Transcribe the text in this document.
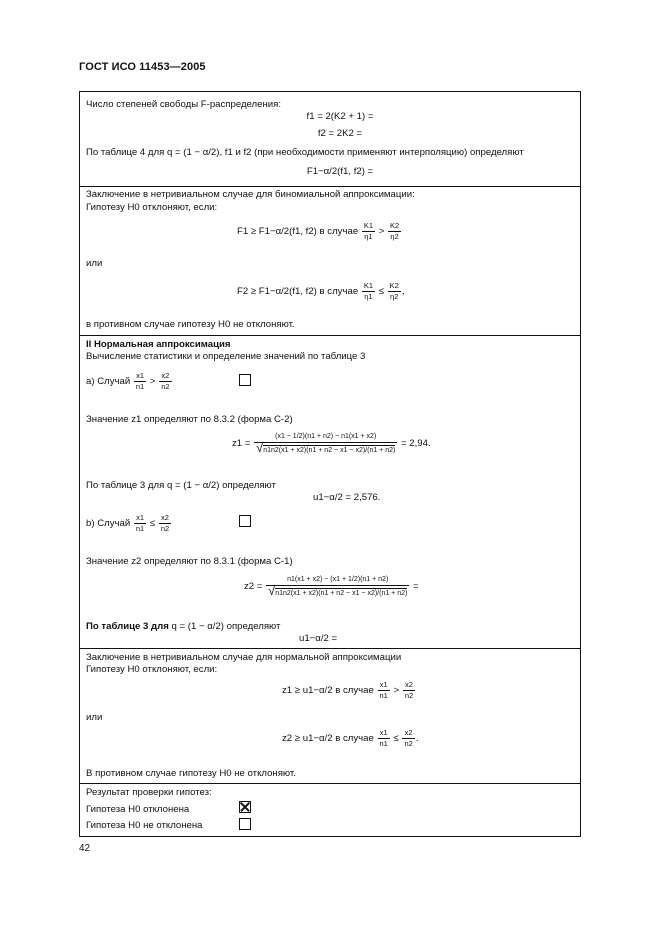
ГОСТ ИСО 11453—2005
Число степеней свободы F-распределения:
f1 = 2(K2 + 1) =
f2 = 2K2 =
По таблице 4 для q = (1 − α/2), f1 и f2 (при необходимости применяют интерполяцию) определяют
F1−α/2(f1, f2) =
Заключение в нетривиальном случае для биномиальной аппроксимации:
Гипотезу H0 отклоняют, если:
F1 ≥ F1−α/2(f1, f2) в случае $\frac{K1}{\eta 1} > \frac{K2}{\eta 2}$
или
F2 ≥ F1−α/2(f1, f2) в случае $\frac{K1}{\eta 1} \le \frac{K2}{\eta 2}$ ,
в противном случае гипотезу H0 не отклоняют.
II Нормальная аппроксимация
Вычисление статистики и определение значений по таблице 3
a) Случай $\frac{x1}{n1} > \frac{x2}{n2}$
Значение z1 определяют по 8.3.2 (форма С-2)
$z1 = \frac{(x1 - 1/2)(n1 + n2) - n1(x1 + x2)}{√n1n2(x1 + x2)(n1 + n2 - x1 - x2)/(n1 + n2)} = 2,94$.
По таблице 3 для q = (1 − α/2) определяют
u1−α/2 = 2,576.
b) Случай $\frac{x1}{n1} \le \frac{x2}{n2}$
Значение z2 определяют по 8.3.1 (форма С-1)
$z2 = \frac{n1(x1 + x2) - (x1 + 1/2)(n1 + n2)}{√n1n2(x1 + x2)(n1 + n2 - x1 - x2)/(n1 + n2)}$ =
По таблице 3 для q = (1 − α/2) определяют
u1−α/2 =
Заключение в нетривиальном случае для нормальной аппроксимации
Гипотезу H0 отклоняют, если:
z1 ≥ u1−α/2 в случае $\frac{x1}{n1} > \frac{x2}{n2}$
или
z2 ≥ u1−α/2 в случае $\frac{x1}{n1} \le \frac{x2}{n2}$ .
В противном случае гипотезу H0 не отклоняют.
Результат проверки гипотез:
Гипотеза H0 отклонена
Гипотеза H0 не отклонена
42
